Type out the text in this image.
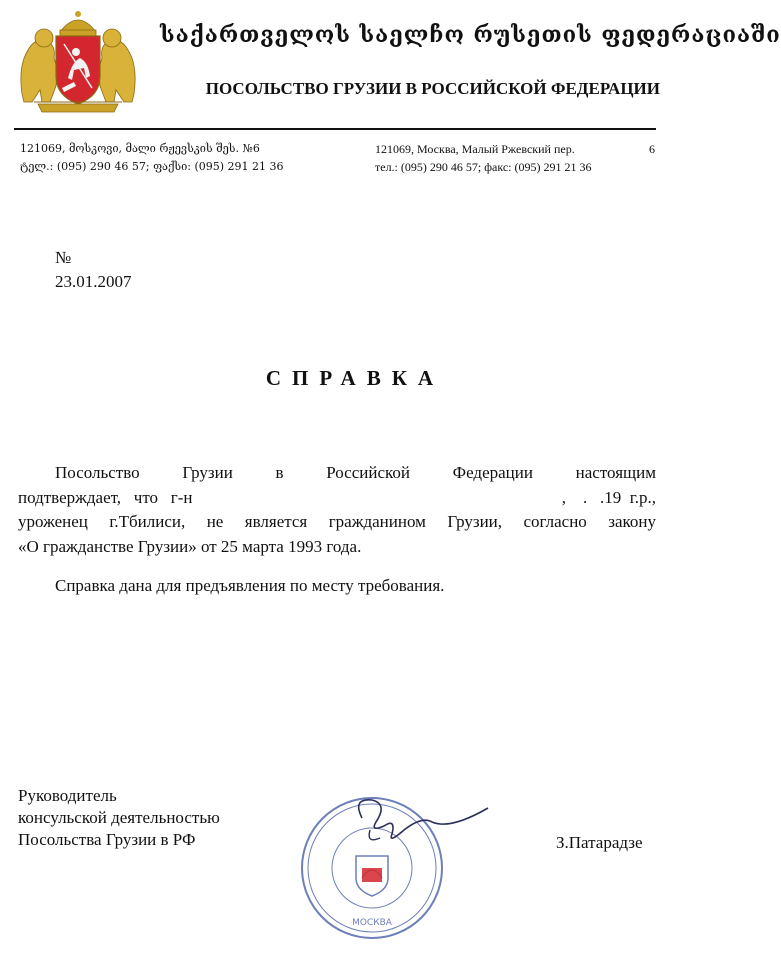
საქართველოს საელჩო რუსეთის ფედერაციაში
ПОСОЛЬСТВО ГРУЗИИ В РОССИЙСКОЙ ФЕДЕРАЦИИ
121069, მოსკოვი, მალი რჟევსკის შეს. №6
ტელ.: (095) 290 46 57; ფაქსი: (095) 291 21 36
121069, Москва, Малый Ржевский пер.	6
тел.: (095) 290 46 57; факс: (095) 291 21 36
№
23.01.2007
СПРАВКА
Посольство	Грузии	в	Российской	Федерации	настоящим
подтверждает,   что   г-н	,    .   .19  г.р.,
уроженец г.Тбилиси, не является гражданином Грузии, согласно закону
«О гражданстве Грузии» от 25 марта 1993 года.
Справка дана для предъявления по месту требования.
Руководитель
консульской деятельностью
Посольства Грузии в РФ
МОСКВА
З.Патарадзе
